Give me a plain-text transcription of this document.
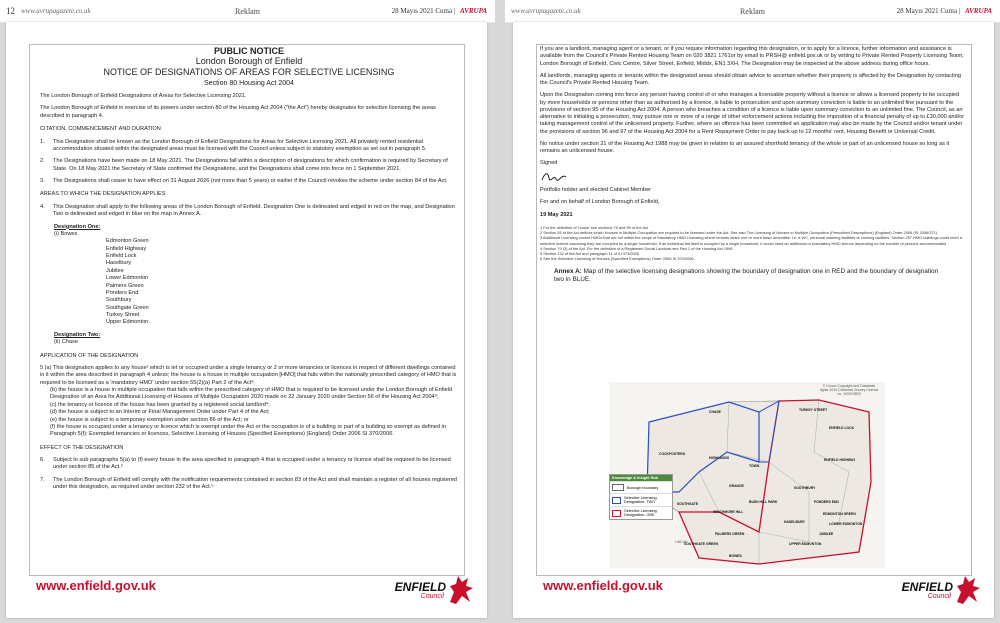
12 www.avrupagazete.co.uk	Reklam	28 Mayıs 2021 Cuma | AVRUPA	www.avrupagazete.co.uk	Reklam	28 Mayıs 2021 Cuma | AVRUPA
PUBLIC NOTICE
London Borough of Enfield
NOTICE OF DESIGNATIONS OF AREAS FOR SELECTIVE LICENSING
Section 80 Housing Act 2004

The London Borough of Enfield Designations of Areas for Selective Licensing 2021.

The London Borough of Enfield in exercise of its powers under section 80 of the Housing Act 2004 ("the Act") hereby designates for selective licensing the areas described in paragraph 4.

CITATION, COMMENCEMENT AND DURATION
1.	This Designation shall be known as the London Borough of Enfield Designations for Areas for Selective Licensing 2021. All privately rented residential accommodation situated within the designated areas must be licensed with the Council unless subject to statutory exemption as set out in paragraph 5.
2.	The Designations have been made on 18 May 2021. The Designations fall within a description of designations for which confirmation is required by Secretary of State. On 18 May 2021 the Secretary of State confirmed the Designations, and the Designations shall come into force on 1 September 2021.
3.	The Designations shall cease to have effect on 31 August 2026 (not more than 5 years) or earlier if the Council revokes the scheme under section 84 of the Act.
AREAS TO WHICH THE DESIGNATION APPLIES
4.	This Designation shall apply to the following areas of the London Borough of Enfield. Designation One is delineated and edged in red on the map, and Designation Two is delineated and edged in blue on the map in Annex A.
Designation One:
(i) Bowes
Edmonton Green
Enfield Highway
Enfield Lock
Haselbury
Jubilee
Lower Edmonton
Palmers Green
Ponders End
Southbury
Southgate Green
Turkey Street
Upper Edmonton.
Designation Two:
(ii) Chase
APPLICATION OF THE DESIGNATION

5 (a) This designation applies to any house¹ which is let or occupied under a single tenancy or 2 or more tenancies or licences in respect of different dwellings contained in it within the area described in paragraph 4 unless; the house is a house in multiple occupation [HMO] that falls within the nationally prescribed category of HMO that is required to be licensed as a 'mandatory HMO' under section 55(2)(a) Part 2 of the Act²;

(b) the house is a house in multiple occupation that falls within the prescribed category of HMO that is required to be licensed under the London Borough of Enfield Designation of an Area for Additional Licensing of Houses of Multiple Occupation 2020 made on 22 January 2020 under Section 56 of the Housing Act 2004³;
(c) the tenancy or licence of the house has been granted by a registered social landlord⁴;
(d) the house is subject to an Interim or Final Management Order under Part 4 of the Act;
(e) the house is subject to a temporary exemption under section 86 of the Act; or
(f) the house is occupied under a tenancy or licence which is exempt under the Act or the occupation is of a building or part of a building so exempt as defined in Paragraph 5(f): Exempted tenancies or licences, Selective Licensing of Houses (Specified Exemptions) (England) Order 2006 SI 370/2006.
EFFECT OF THE DESIGNATION
6.	Subject to sub paragraphs 5(a) to (f) every house in the area specified in paragraph 4 that is occupied under a tenancy or licence shall be required to be licensed under section 85 of the Act.⁵
7.	The London Borough of Enfield will comply with the notification requirements contained in section 83 of the Act and shall maintain a register of all houses registered under this designation, as required under section 232 of the Act.⁵
www.enfield.gov.uk	ENFIELD
Council

If you are a landlord, managing agent or a tenant, or if you require information regarding this designation, or to apply for a licence, further information and assistance is available from the Council's Private Rented Housing Team on 020 3821 1761or by email to PRSH@ enfield.gov.uk or by writing to Private Rented Property Licensing Team, London Borough of Enfield, Civic Centre, Silver Street, Enfield, Middx, EN1 3XH. The Designation may be inspected at the above address during office hours.

All landlords, managing agents or tenants within the designated areas should obtain advice to ascertain whether their property is affected by the Designation by contacting the Council's Private Rented Housing Team.

Upon the Designation coming into force any person having control of or who manages a licensable property without a licence or allows a licensed property to be occupied by more households or persons other than as authorised by a licence, is liable to prosecution and upon summary conviction is liable to an unlimited fine pursuant to the provisions of section 95 of the Housing Act 2004. A person who breaches a condition of a licence is liable upon summary conviction to an unlimited fine. The Council, as an alternative to initiating a prosecution, may pursue one or more of a range of other enforcement actions including the imposition of a financial penalty of up to £30,000 and/or taking management control of the unlicensed property. Further, where an offence has been committed an application may also be made by the Council and/or tenant under the provisions of section 96 and 97 of the Housing Act 2004 for a Rent Repayment Order to pay back up to 12 months' rent, Housing Benefit or Universal Credit.

No notice under section 21 of the Housing Act 1988 may be given in relation to an assured shorthold tenancy of the whole or part of an unlicensed house so long as it remains an unlicensed house.

Signed
Portfolio holder and elected Cabinet Member

For and on behalf of London Borough of Enfield,

19 May 2021

1 For the definition of 'house' see sections 79 and 99 of the Act
2 Section 55 of the Act defines which Houses in Multiple Occupation are required to be licensed under the Act. See also The Licensing of Houses in Multiple Occupation (Prescribed Descriptions) (England) Order 2006 (SI 2006/371)
3 Additional Licensing covers HMOs that are not within the scope of Mandatory HMO Licensing where tenants share one or more basic amenities: i.e. a WC, personal washing facilities or cooking facilities. Section 257 HMO buildings could need a selective licence assuming they are occupied by a single household. If an individual flat itself is occupied by a single household, it would need an additional or mandatory HMO licence depending on the number of persons accommodated
4 Section 79 (3) of the Act. For the definition of a Registered Social Landlord see Part 1 of the Housing Act 1996
5 Section 232 of the Act and paragraph 11 of SI 373/2006
6 See the Selective Licensing of Houses (Specified Exemptions) Order 2006 SI 370/2006
Annex A: Map of the selective licensing designations showing the boundary of designation one in RED and the boundary of designation two in BLUE.
© Crown Copyright and Database rights 2019 Ordnance Survey Licence no. 100019820
Knowledge & Insight Hub
Borough boundary
Selective Licensing Designation: TWO
Selective Licensing Designation: ONE
CHASE	TURKEY STREET
ENFIELD LOCK
COCKFOSTERS
HIGHLANDS
TOWN
ENFIELD HIGHWAY
GRANGE	SOUTHBURY
PONDERS END
SOUTHGATE	BUSH HILL PARK
WINCHMORE HILL
JUBILEE
LOWER EDMONTON
HASELBURY
EDMONTON GREEN
PALMERS GREEN
SOUTHGATE GREEN	UPPER EDMONTON
BOWES
1:66,000
www.enfield.gov.uk	ENFIELD
Council
